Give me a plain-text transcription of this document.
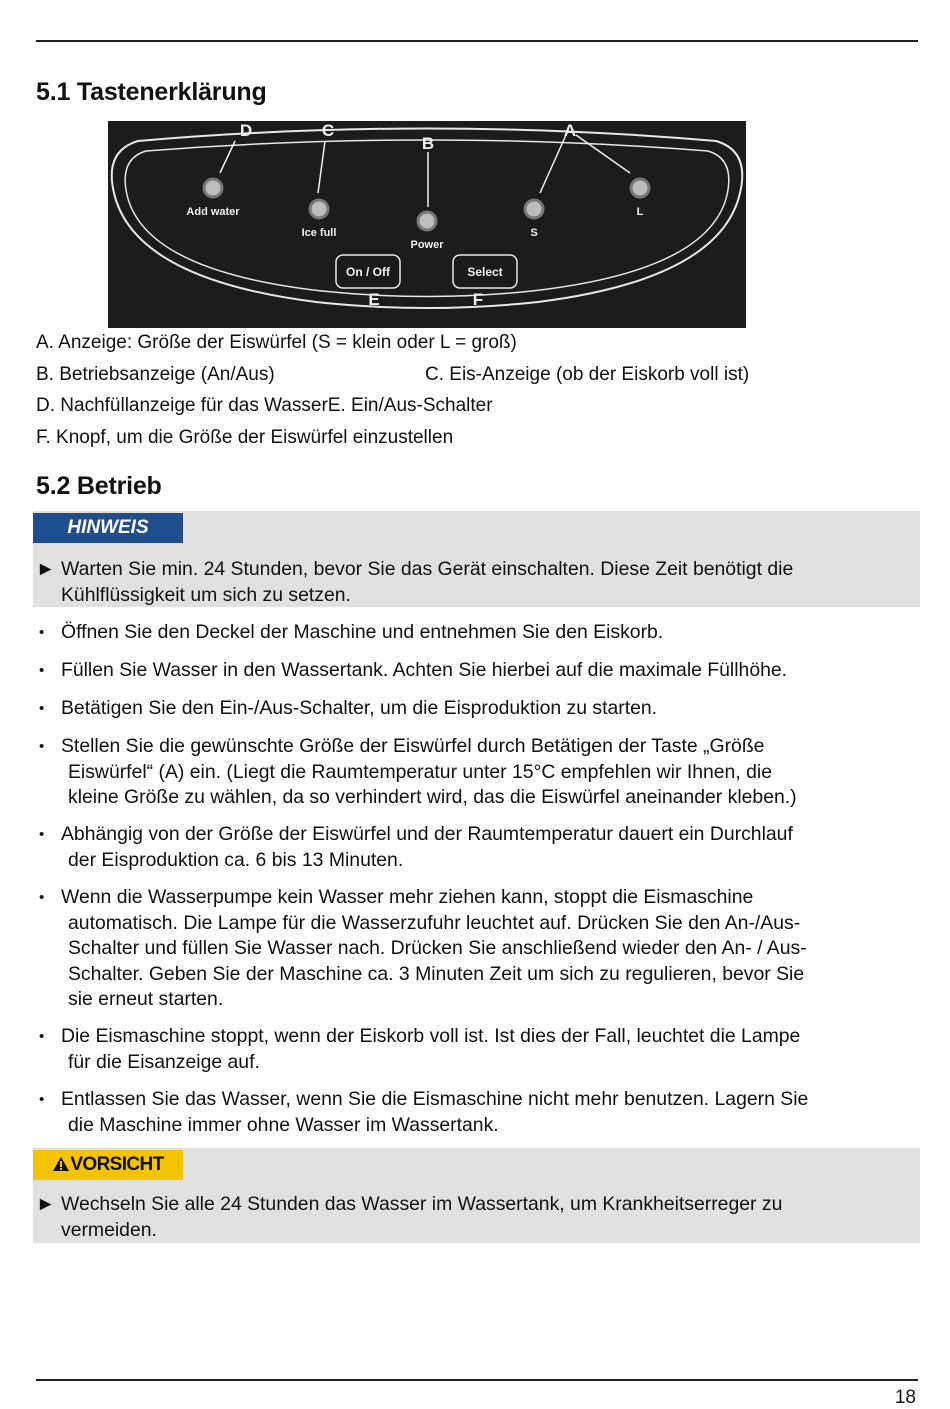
5.1 Tastenerklärung
D	C
B
A
E	F
Add water
Ice full
Power
S
L
On / Off	Select
A. Anzeige: Größe der Eiswürfel (S = klein oder L = groß)
B. Betriebsanzeige (An/Aus)	C. Eis-Anzeige (ob der Eiskorb voll ist)
D. Nachfüllanzeige für das WasserE. Ein/Aus-Schalter
F. Knopf, um die Größe der Eiswürfel einzustellen
5.2 Betrieb
HINWEIS
► Warten Sie min. 24 Stunden, bevor Sie das Gerät einschalten. Diese Zeit benötigt die
Kühlflüssigkeit um sich zu setzen.
• Öffnen Sie den Deckel der Maschine und entnehmen Sie den Eiskorb.
• Füllen Sie Wasser in den Wassertank. Achten Sie hierbei auf die maximale Füllhöhe.
• Betätigen Sie den Ein-/Aus-Schalter, um die Eisproduktion zu starten.
• Stellen Sie die gewünschte Größe der Eiswürfel durch Betätigen der Taste „Größe
Eiswürfel“ (A) ein. (Liegt die Raumtemperatur unter 15°C empfehlen wir Ihnen, die
kleine Größe zu wählen, da so verhindert wird, das die Eiswürfel aneinander kleben.)
• Abhängig von der Größe der Eiswürfel und der Raumtemperatur dauert ein Durchlauf
der Eisproduktion ca. 6 bis 13 Minuten.
• Wenn die Wasserpumpe kein Wasser mehr ziehen kann, stoppt die Eismaschine
automatisch. Die Lampe für die Wasserzufuhr leuchtet auf. Drücken Sie den An-/Aus-
Schalter und füllen Sie Wasser nach. Drücken Sie anschließend wieder den An- / Aus-
Schalter. Geben Sie der Maschine ca. 3 Minuten Zeit um sich zu regulieren, bevor Sie
sie erneut starten.
• Die Eismaschine stoppt, wenn der Eiskorb voll ist. Ist dies der Fall, leuchtet die Lampe
für die Eisanzeige auf.
• Entlassen Sie das Wasser, wenn Sie die Eismaschine nicht mehr benutzen. Lagern Sie
die Maschine immer ohne Wasser im Wassertank.
VORSICHT
► Wechseln Sie alle 24 Stunden das Wasser im Wassertank, um Krankheitserreger zu
vermeiden.
18
